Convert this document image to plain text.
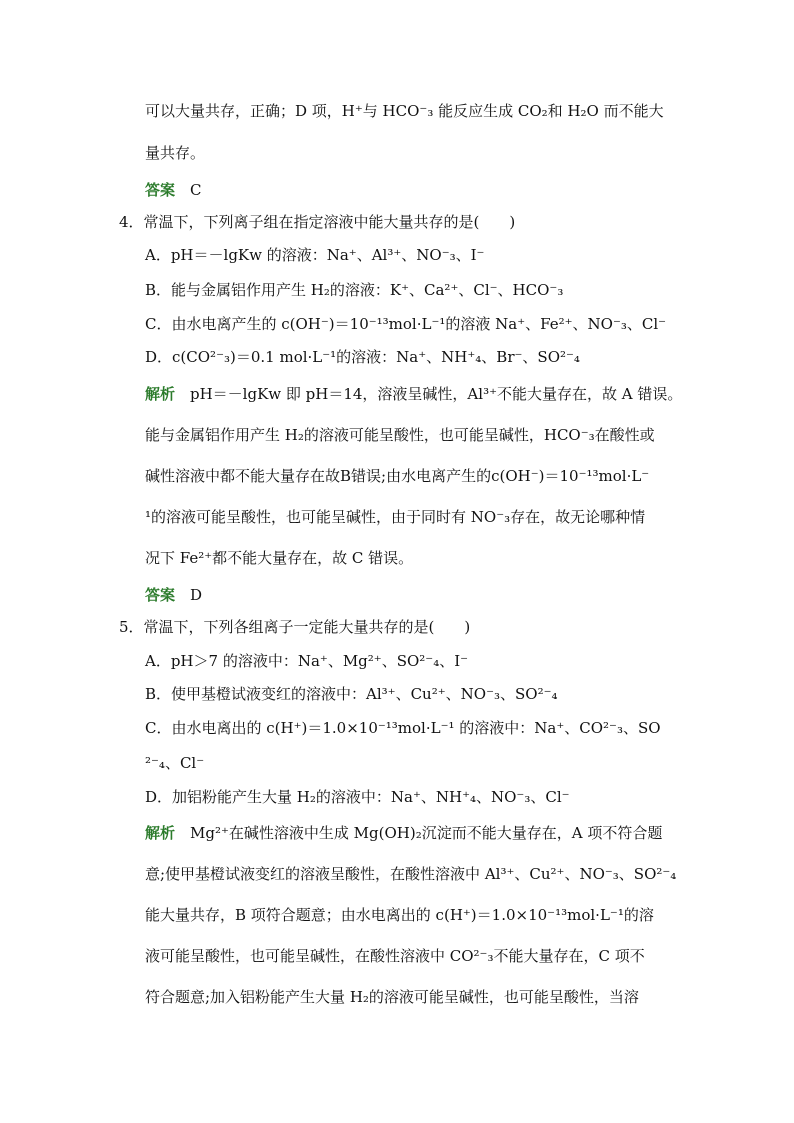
可以大量共存，正确；D 项，H⁺与 HCO⁻₃ 能反应生成 CO₂和 H₂O 而不能大
量共存。
答案 C
4．常温下，下列离子组在指定溶液中能大量共存的是(　　)
A．pH＝－lgKw 的溶液：Na⁺、Al³⁺、NO⁻₃、I⁻
B．能与金属铝作用产生 H₂的溶液：K⁺、Ca²⁺、Cl⁻、HCO⁻₃
C．由水电离产生的 c(OH⁻)＝10⁻¹³mol·L⁻¹的溶液 Na⁺、Fe²⁺、NO⁻₃、Cl⁻
D．c(CO²⁻₃)＝0.1 mol·L⁻¹的溶液：Na⁺、NH⁺₄、Br⁻、SO²⁻₄
解析 pH＝－lgKw 即 pH＝14，溶液呈碱性，Al³⁺不能大量存在，故 A 错误。
能与金属铝作用产生 H₂的溶液可能呈酸性，也可能呈碱性，HCO⁻₃在酸性或
碱性溶液中都不能大量存在故B错误;由水电离产生的c(OH⁻)＝10⁻¹³mol·L⁻
¹的溶液可能呈酸性，也可能呈碱性，由于同时有 NO⁻₃存在，故无论哪种情
况下 Fe²⁺都不能大量存在，故 C 错误。
答案 D
5．常温下，下列各组离子一定能大量共存的是(　　)
A．pH＞7 的溶液中：Na⁺、Mg²⁺、SO²⁻₄、I⁻
B．使甲基橙试液变红的溶液中：Al³⁺、Cu²⁺、NO⁻₃、SO²⁻₄
C．由水电离出的 c(H⁺)＝1.0×10⁻¹³mol·L⁻¹ 的溶液中：Na⁺、CO²⁻₃、SO
²⁻₄、Cl⁻
D．加铝粉能产生大量 H₂的溶液中：Na⁺、NH⁺₄、NO⁻₃、Cl⁻
解析 Mg²⁺在碱性溶液中生成 Mg(OH)₂沉淀而不能大量存在，A 项不符合题
意;使甲基橙试液变红的溶液呈酸性，在酸性溶液中 Al³⁺、Cu²⁺、NO⁻₃、SO²⁻₄
能大量共存，B 项符合题意；由水电离出的 c(H⁺)＝1.0×10⁻¹³mol·L⁻¹的溶
液可能呈酸性，也可能呈碱性，在酸性溶液中 CO²⁻₃不能大量存在，C 项不
符合题意;加入铝粉能产生大量 H₂的溶液可能呈碱性，也可能呈酸性，当溶
